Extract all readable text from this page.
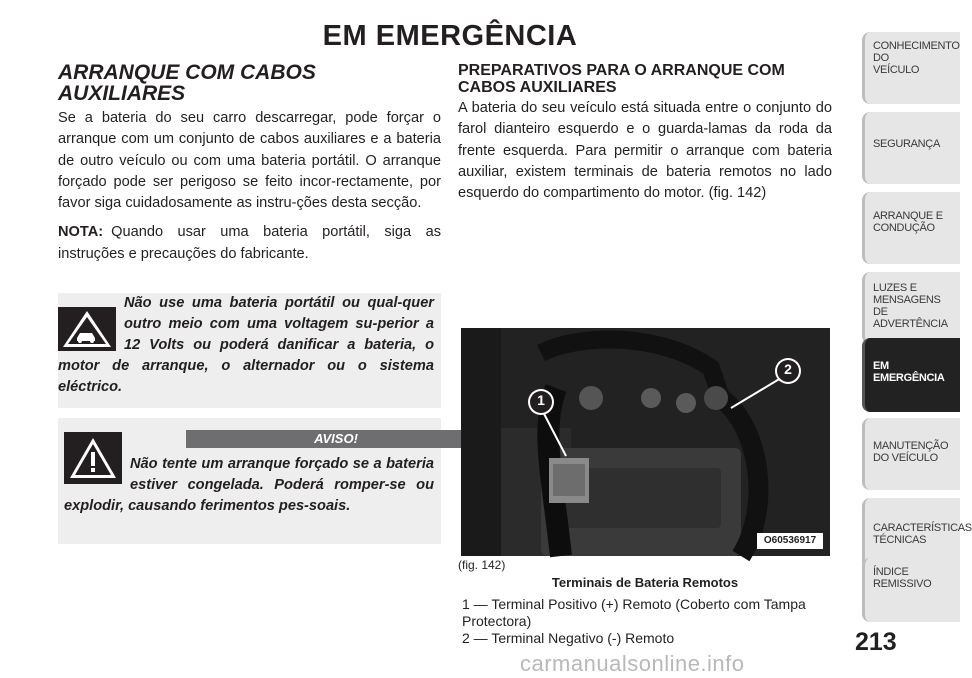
EM EMERGÊNCIA
ARRANQUE COM CABOS AUXILIARES

Se a bateria do seu carro descarregar, pode forçar o arranque com um conjunto de cabos auxiliares e a bateria de outro veículo ou com uma bateria portátil. O arranque forçado pode ser perigoso se feito incor-rectamente, por favor siga cuidadosamente as instru-ções desta secção.

NOTA: Quando usar uma bateria portátil, siga as instruções e precauções do fabricante.

Não use uma bateria portátil ou qual-quer outro meio com uma voltagem su-perior a 12 Volts ou poderá danificar a bateria, o motor de arranque, o alternador ou o sistema eléctrico.
AVISO!
Não tente um arranque forçado se a bateria estiver congelada. Poderá romper-se ou explodir, causando ferimentos pes-soais.
PREPARATIVOS PARA O ARRANQUE COM CABOS AUXILIARES

A bateria do seu veículo está situada entre o conjunto do farol dianteiro esquerdo e o guarda-lamas da roda da frente esquerda. Para permitir o arranque com bateria auxiliar, existem terminais de bateria remotos no lado esquerdo do compartimento do motor. (fig. 142)

1
2
O60536917
(fig. 142)
Terminais de Bateria Remotos
1 — Terminal Positivo (+) Remoto (Coberto com Tampa Protectora)
2 — Terminal Negativo (-) Remoto	213
CONHECIMENTO
DO
VEÍCULO
SEGURANÇA
ARRANQUE E
CONDUÇÃO
LUZES E
MENSAGENS
DE
ADVERTÊNCIA
EM
EMERGÊNCIA
MANUTENÇÃO
DO VEÍCULO
CARACTERÍSTICAS
TÉCNICAS
ÍNDICE
REMISSIVO
carmanualsonline.info
